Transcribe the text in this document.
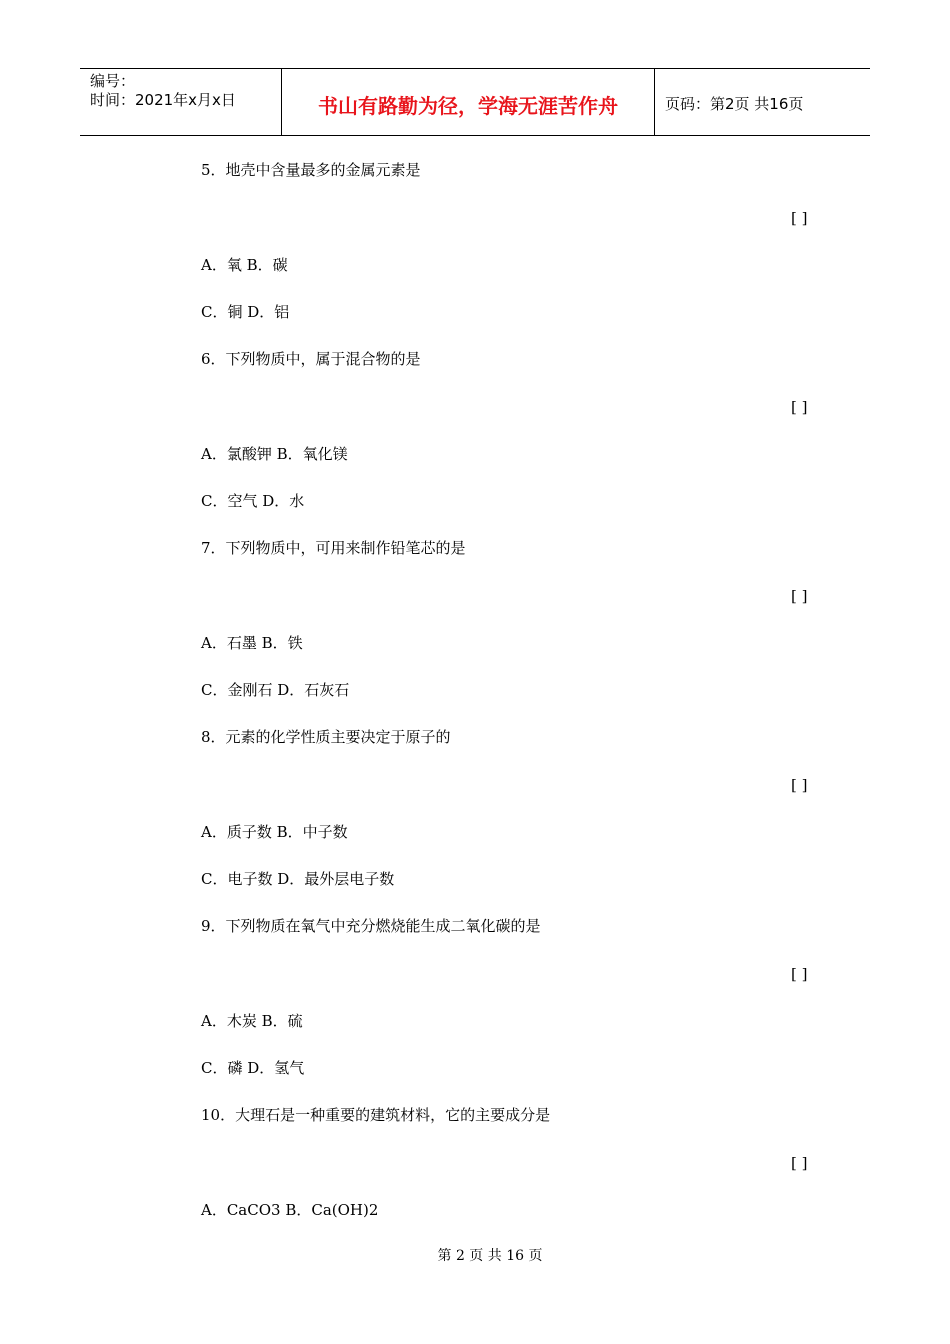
编号：
时间：2021年x月x日	书山有路勤为径，学海无涯苦作舟	页码：第2页 共16页
5．地壳中含量最多的金属元素是
[ ]
A．氧 B．碳
C．铜 D．铝
6．下列物质中，属于混合物的是
[ ]
A．氯酸钾 B．氧化镁
C．空气 D．水
7．下列物质中，可用来制作铅笔芯的是
[ ]
A．石墨 B．铁
C．金刚石 D．石灰石
8．元素的化学性质主要决定于原子的
[ ]
A．质子数 B．中子数
C．电子数 D．最外层电子数
9．下列物质在氧气中充分燃烧能生成二氧化碳的是
[ ]
A．木炭 B．硫
C．磷 D．氢气
10．大理石是一种重要的建筑材料，它的主要成分是
[ ]
A．CaCO3 B．Ca(OH)2
第 2 页 共 16 页
